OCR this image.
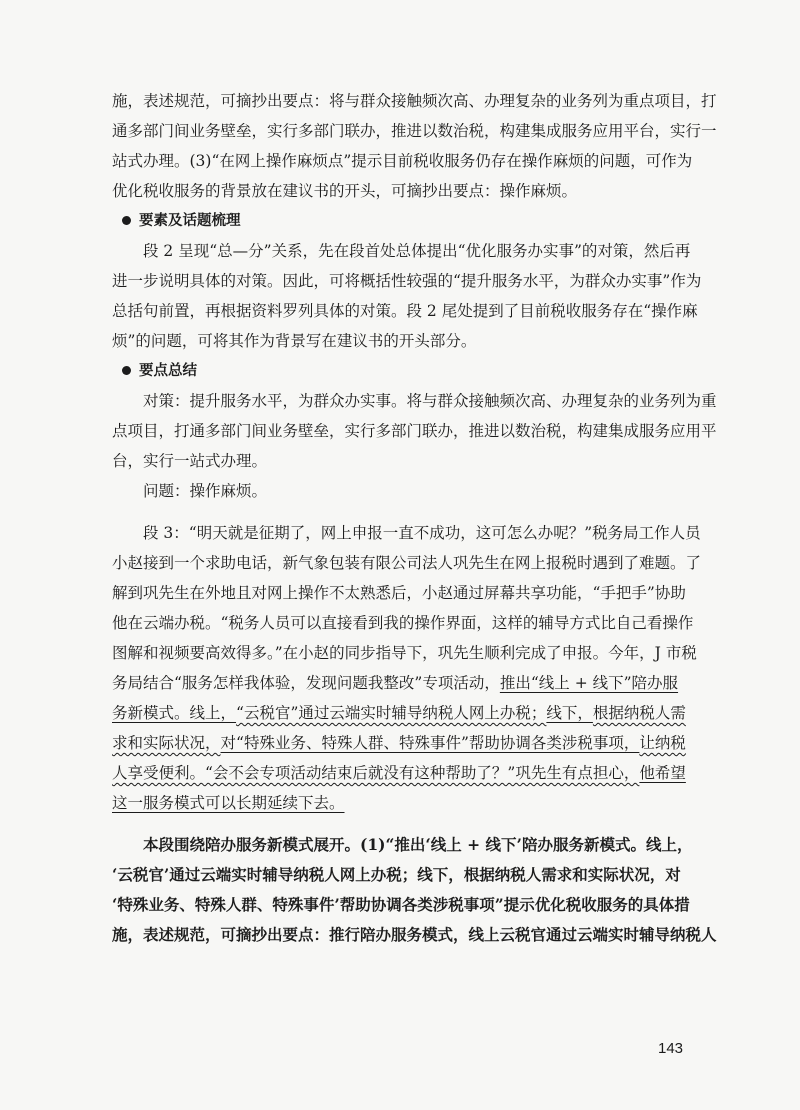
施，表述规范，可摘抄出要点：将与群众接触频次高、办理复杂的业务列为重点项目，打
通多部门间业务壁垒，实行多部门联办，推进以数治税，构建集成服务应用平台，实行一
站式办理。(3)“在网上操作麻烦点”提示目前税收服务仍存在操作麻烦的问题，可作为
优化税收服务的背景放在建议书的开头，可摘抄出要点：操作麻烦。

要素及话题梳理

段 2 呈现“总—分”关系，先在段首处总体提出“优化服务办实事”的对策，然后再
进一步说明具体的对策。因此，可将概括性较强的“提升服务水平，为群众办实事”作为
总括句前置，再根据资料罗列具体的对策。段 2 尾处提到了目前税收服务存在“操作麻
烦”的问题，可将其作为背景写在建议书的开头部分。

要点总结

对策：提升服务水平，为群众办实事。将与群众接触频次高、办理复杂的业务列为重
点项目，打通多部门间业务壁垒，实行多部门联办，推进以数治税，构建集成服务应用平
台，实行一站式办理。
问题：操作麻烦。

段 3：“明天就是征期了，网上申报一直不成功，这可怎么办呢？”税务局工作人员
小赵接到一个求助电话，新气象包装有限公司法人巩先生在网上报税时遇到了难题。了
解到巩先生在外地且对网上操作不太熟悉后，小赵通过屏幕共享功能，“手把手”协助
他在云端办税。“税务人员可以直接看到我的操作界面，这样的辅导方式比自己看操作
图解和视频要高效得多。”在小赵的同步指导下，巩先生顺利完成了申报。今年，J 市税
务局结合“服务怎样我体验，发现问题我整改”专项活动，推出“线上 + 线下”陪办服
务新模式。线上，“云税官”通过云端实时辅导纳税人网上办税；线下，根据纳税人需
求和实际状况，对“特殊业务、特殊人群、特殊事件”帮助协调各类涉税事项，让纳税
人享受便利。“会不会专项活动结束后就没有这种帮助了？”巩先生有点担心，他希望
这一服务模式可以长期延续下去。

本段围绕陪办服务新模式展开。(1)“推出‘线上 + 线下’陪办服务新模式。线上，
‘云税官’通过云端实时辅导纳税人网上办税；线下，根据纳税人需求和实际状况，对
‘特殊业务、特殊人群、特殊事件’帮助协调各类涉税事项”提示优化税收服务的具体措
施，表述规范，可摘抄出要点：推行陪办服务模式，线上云税官通过云端实时辅导纳税人

143
